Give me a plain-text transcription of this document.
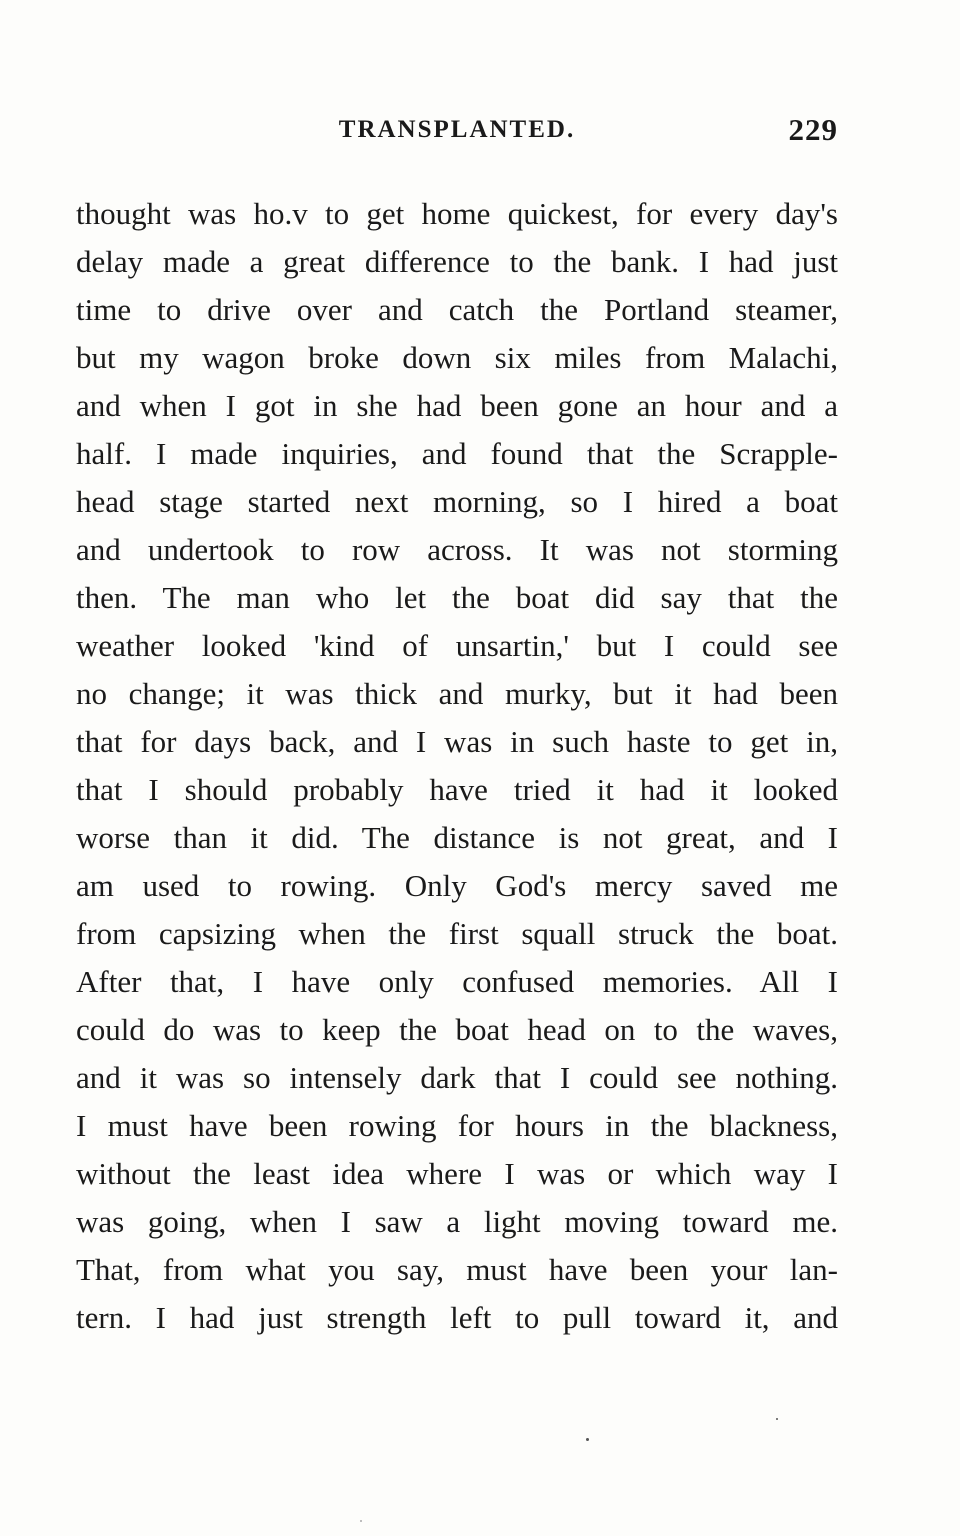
TRANSPLANTED.	229
thought was ho.v to get home quickest, for every day's
delay made a great difference to the bank. I had just
time to drive over and catch the Portland steamer,
but my wagon broke down six miles from Malachi,
and when I got in she had been gone an hour and a
half. I made inquiries, and found that the Scrapple-
head stage started next morning, so I hired a boat
and undertook to row across. It was not storming
then. The man who let the boat did say that the
weather looked 'kind of unsartin,' but I could see
no change; it was thick and murky, but it had been
that for days back, and I was in such haste to get in,
that I should probably have tried it had it looked
worse than it did. The distance is not great, and I
am used to rowing. Only God's mercy saved me
from capsizing when the first squall struck the boat.
After that, I have only confused memories. All I
could do was to keep the boat head on to the waves,
and it was so intensely dark that I could see nothing.
I must have been rowing for hours in the blackness,
without the least idea where I was or which way I
was going, when I saw a light moving toward me.
That, from what you say, must have been your lan-
tern. I had just strength left to pull toward it, and
